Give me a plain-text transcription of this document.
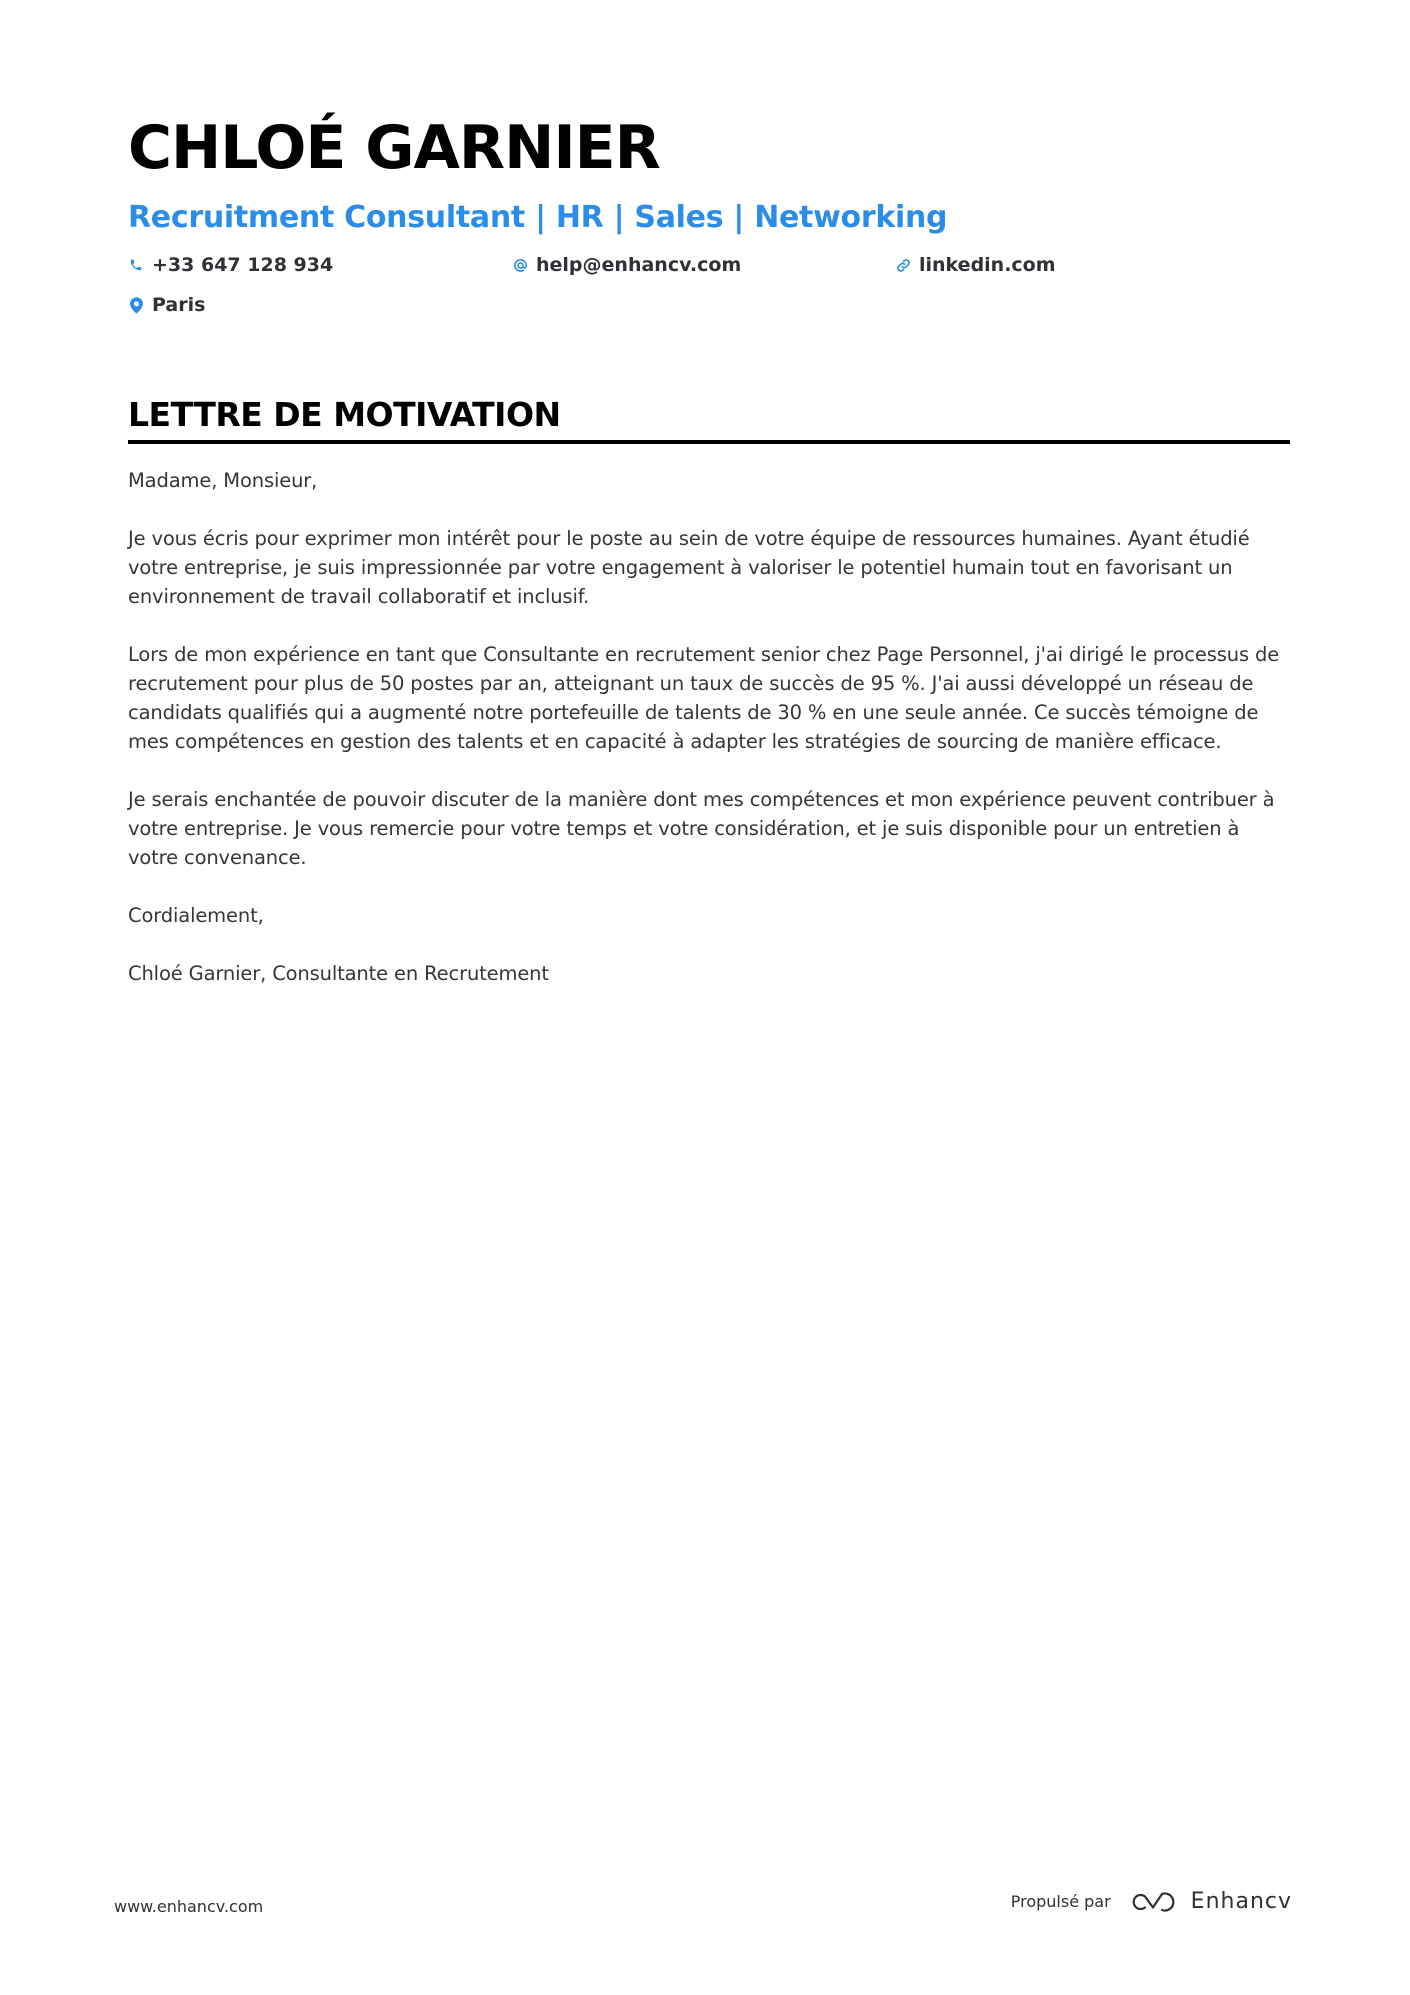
CHLOÉ GARNIER
Recruitment Consultant | HR | Sales | Networking
+33 647 128 934	help@enhancv.com	linkedin.com
Paris
LETTRE DE MOTIVATION

Madame, Monsieur,

Je vous écris pour exprimer mon intérêt pour le poste au sein de votre équipe de ressources humaines. Ayant étudié votre entreprise, je suis impressionnée par votre engagement à valoriser le potentiel humain tout en favorisant un environnement de travail collaboratif et inclusif.

Lors de mon expérience en tant que Consultante en recrutement senior chez Page Personnel, j'ai dirigé le processus de recrutement pour plus de 50 postes par an, atteignant un taux de succès de 95 %. J'ai aussi développé un réseau de candidats qualifiés qui a augmenté notre portefeuille de talents de 30 % en une seule année. Ce succès témoigne de mes compétences en gestion des talents et en capacité à adapter les stratégies de sourcing de manière efficace.

Je serais enchantée de pouvoir discuter de la manière dont mes compétences et mon expérience peuvent contribuer à votre entreprise. Je vous remercie pour votre temps et votre considération, et je suis disponible pour un entretien à votre convenance.

Cordialement,

Chloé Garnier, Consultante en Recrutement

www.enhancv.com	Propulsé par	Enhancv
